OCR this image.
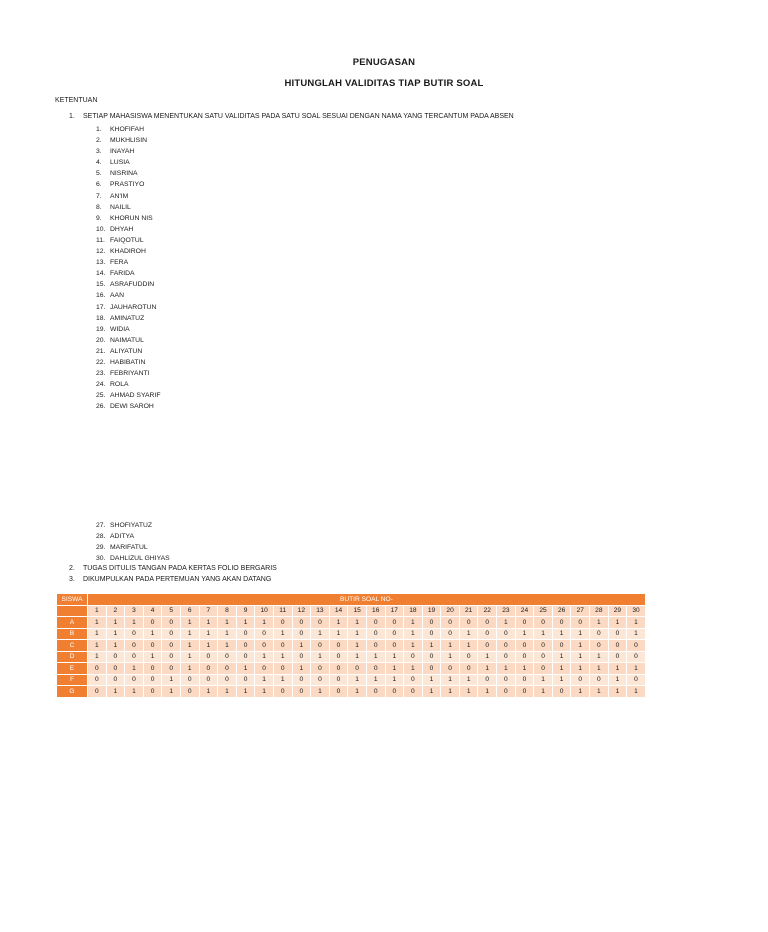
PENUGASAN
HITUNGLAH VALIDITAS TIAP BUTIR SOAL
KETENTUAN
1. SETIAP MAHASISWA MENENTUKAN SATU VALIDITAS PADA SATU SOAL SESUAI DENGAN NAMA YANG TERCANTUM PADA ABSEN
1. KHOFIFAH
2. MUKHLISIN
3. INAYAH
4. LUSIA
5. NISRINA
6. PRASTIYO
7. AN'IM
8. NAILIL
9. KHORUN NIS
10. DHYAH
11. FAIQOTUL
12. KHADIROH
13. FERA
14. FARIDA
15. ASRAFUDDIN
16. AAN
17. JAUHAROTUN
18. AMINATUZ
19. WIDIA
20. NAIMATUL
21. ALIYATUN
22. HABIBATIN
23. FEBRIYANTI
24. ROLA
25. AHMAD SYARIF
26. DEWI SAROH
27. SHOFIYATUZ
28. ADITYA
29. MARIFATUL
30. DAHLIZUL GHIYAS
2. TUGAS DITULIS TANGAN PADA KERTAS FOLIO BERGARIS
3. DIKUMPULKAN PADA PERTEMUAN YANG AKAN DATANG
SISWA	BUTIR SOAL NO-																														
	1	2	3	4	5	6	7	8	9	10	11	12	13	14	15	16	17	18	19	20	21	22	23	24	25	26	27	28	29	30	
A	1	1	1	0	0	1	1	1	1	1	0	0	0	1	1	0	0	1	0	0	0	0	1	0	0	0	0	1	1	1	
B	1	1	0	1	0	1	1	1	0	0	1	0	1	1	1	0	0	1	0	0	1	0	0	1	1	1	1	0	0	1	
C	1	1	0	0	0	1	1	1	0	0	0	1	0	0	1	0	0	1	1	1	1	0	0	0	0	0	1	0	0	0	
D	1	0	0	1	0	1	0	0	0	1	1	0	1	0	1	1	1	0	0	1	0	1	0	0	0	1	1	1	0	0	
E	0	0	1	0	0	1	0	0	1	0	0	1	0	0	0	0	1	1	0	0	0	1	1	1	0	1	1	1	1	1	
F	0	0	0	0	1	0	0	0	0	1	1	0	0	0	1	1	1	0	1	1	1	0	0	0	1	1	0	0	1	0	
G	0	1	1	0	1	0	1	1	1	1	0	0	1	0	1	0	0	0	1	1	1	1	0	0	1	0	1	1	1	1	
